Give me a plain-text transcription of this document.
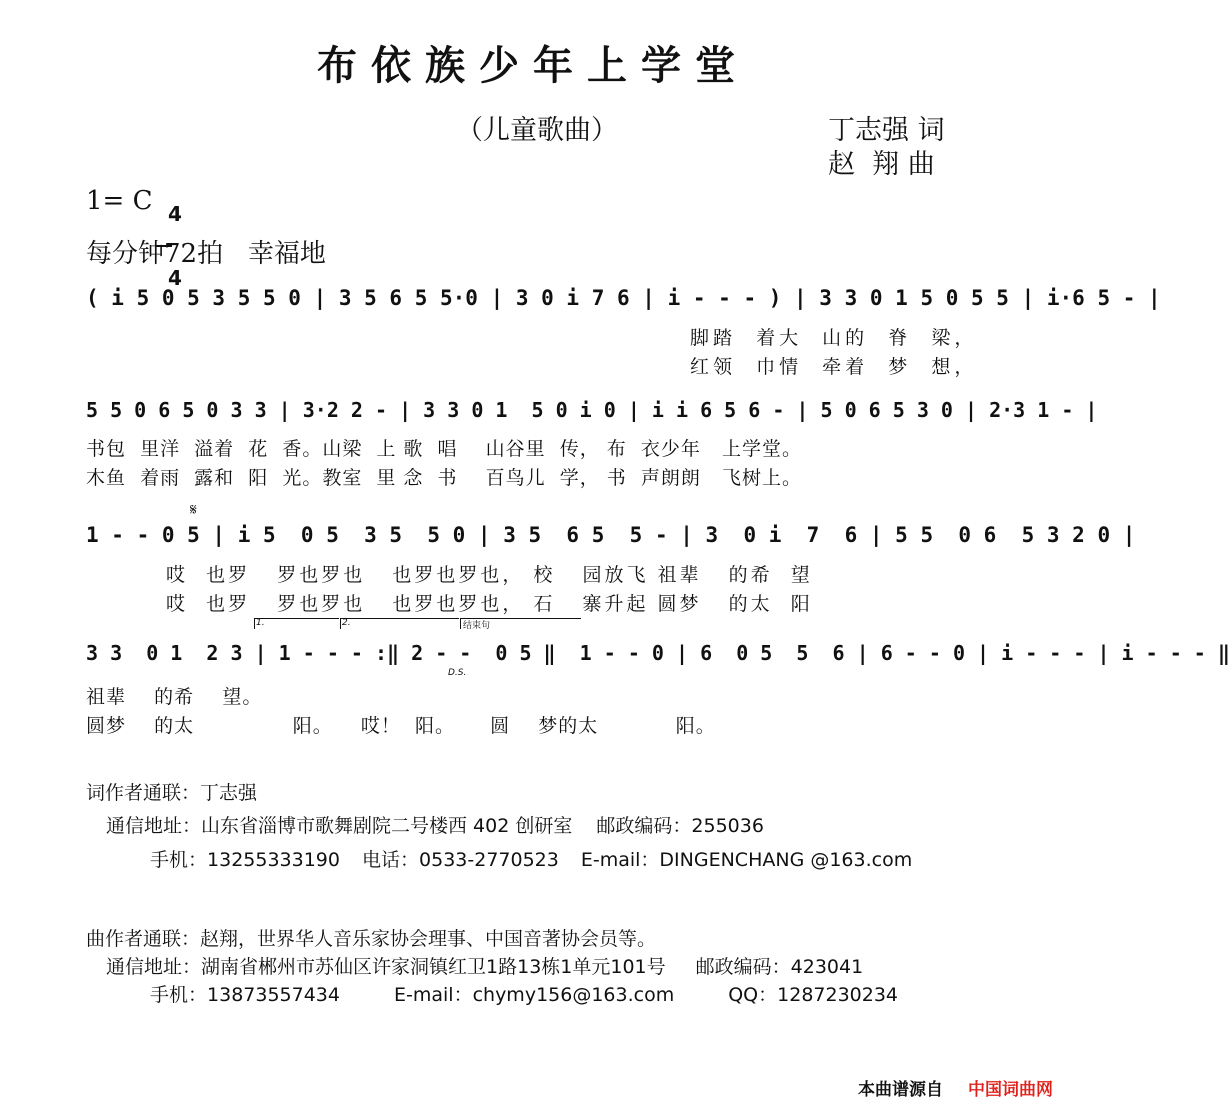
布依族少年上学堂
（儿童歌曲）	丁志强 词
赵  翔 曲
1= C 4

4

每分钟72拍   幸福地
( i 5 0 5 3 5 5 0 | 3 5 6 5 5·0 | 3 0 i 7 6 | i - - - ) | 3 3 0 1 5 0 5 5 | i·6 5 - |
脚踏  着大  山的  脊  梁，
红领  巾情  牵着  梦  想，
5 5 0 6 5 0 3 3 | 3·2 2 - | 3 3 0 1  5 0 i 0 | i i 6 5 6 - | 5 0 6 5 3 0 | 2·3 1 - |
书包  里洋  溢着  花  香。山梁  上 歌  唱    山谷里  传， 布  衣少年   上学堂。
木鱼  着雨  露和  阳  光。教室  里 念  书    百鸟儿  学， 书  声朗朗   飞树上。
𝄋
1 - - 0 5 | i 5  0 5  3 5  5 0 | 3 5  6 5  5 - | 3  0 i  7  6 | 5 5  0 6  5 3 2 0 |
哎  也罗   罗也罗也   也罗也罗也， 校   园放飞 祖辈   的希  望
哎  也罗   罗也罗也   也罗也罗也， 石   寨升起 圆梦   的太  阳
1.	2.	结束句
3 3  0 1  2 3 | 1 - - - :‖ 2 - -  0 5 ‖  1 - - 0 | 6  0 5  5  6 | 6 - - 0 | i - - - | i - - - ‖
D.S.
祖辈    的希    望。
圆梦    的太              阳。    哎！  阳。     圆    梦的太           阳。
词作者通联：丁志强
通信地址：山东省淄博市歌舞剧院二号楼西 402 创研室 邮政编码：255036
手机：13255333190 电话：0533-2770523 E-mail：DINGENCHANG @163.com
曲作者通联：赵翔，世界华人音乐家协会理事、中国音著协会员等。
通信地址：湖南省郴州市苏仙区许家洞镇红卫1路13栋1单元101号 邮政编码：423041
手机：13873557434	E-mail：chymy156@163.com	QQ：1287230234
本曲谱源自 中国词曲网
